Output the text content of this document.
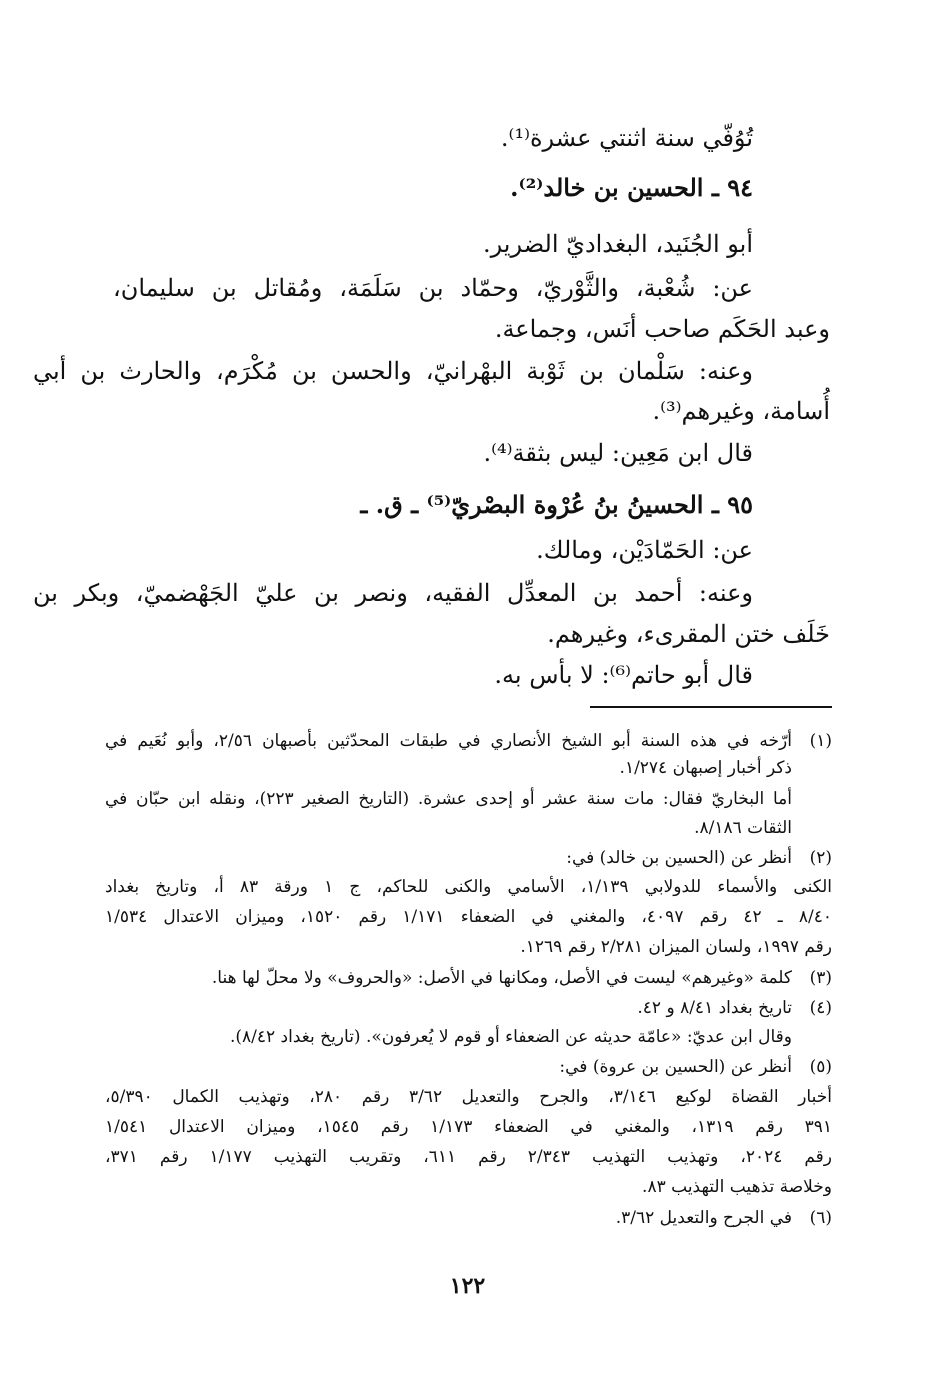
تُوُفّي سنة اثنتي عشرة⁽¹⁾.
٩٤ ـ الحسين بن خالد⁽²⁾.
أبو الجُنَيد، البغداديّ الضرير.
عن: شُعْبة، والثَّوْريّ، وحمّاد بن سَلَمَة، ومُقاتل بن سليمان،
وعبد الحَكَم صاحب أنَس، وجماعة.
وعنه: سَلْمان بن ثَوْبة البهْرانيّ، والحسن بن مُكْرَم، والحارث بن أبي
أُسامة، وغيرهم⁽³⁾.
قال ابن مَعِين: ليس بثقة⁽⁴⁾.
٩٥ ـ الحسينُ بنُ عُرْوة البصْريّ⁽⁵⁾ ـ ق. ـ
عن: الحَمّادَيْن، ومالك.
وعنه: أحمد بن المعدِّل الفقيه، ونصر بن عليّ الجَهْضميّ، وبكر بن
خَلَف ختن المقرىء، وغيرهم.
قال أبو حاتم⁽⁶⁾: لا بأس به.
(١)
أرّخه في هذه السنة أبو الشيخ الأنصاري في طبقات المحدّثين بأصبهان ٢/٥٦، وأبو نُعَيم في
ذكر أخبار إصبهان ١/٢٧٤.
أما البخاريّ فقال: مات سنة عشر أو إحدى عشرة. (التاريخ الصغير ٢٢٣)، ونقله ابن حبّان في
الثقات ٨/١٨٦.
(٢)
أنظر عن (الحسين بن خالد) في:
الكنى والأسماء للدولابي ١/١٣٩، الأسامي والكنى للحاكم، ج ١ ورقة ٨٣ أ، وتاريخ بغداد
٨/٤٠ ـ ٤٢ رقم ٤٠٩٧، والمغني في الضعفاء ١/١٧١ رقم ١٥٢٠، وميزان الاعتدال ١/٥٣٤
رقم ١٩٩٧، ولسان الميزان ٢/٢٨١ رقم ١٢٦٩.
(٣)
كلمة «وغيرهم» ليست في الأصل، ومكانها في الأصل: «والحروف» ولا محلّ لها هنا.
(٤)
تاريخ بغداد ٨/٤١ و ٤٢.
وقال ابن عديّ: «عامّة حديثه عن الضعفاء أو قوم لا يُعرفون». (تاريخ بغداد ٨/٤٢).
(٥)
أنظر عن (الحسين بن عروة) في:
أخبار القضاة لوكيع ٣/١٤٦، والجرح والتعديل ٣/٦٢ رقم ٢٨٠، وتهذيب الكمال ٥/٣٩٠،
٣٩١ رقم ١٣١٩، والمغني في الضعفاء ١/١٧٣ رقم ١٥٤٥، وميزان الاعتدال ١/٥٤١
رقم ٢٠٢٤، وتهذيب التهذيب ٢/٣٤٣ رقم ٦١١، وتقريب التهذيب ١/١٧٧ رقم ٣٧١،
وخلاصة تذهيب التهذيب ٨٣.
(٦)
في الجرح والتعديل ٣/٦٢.
١٢٢
